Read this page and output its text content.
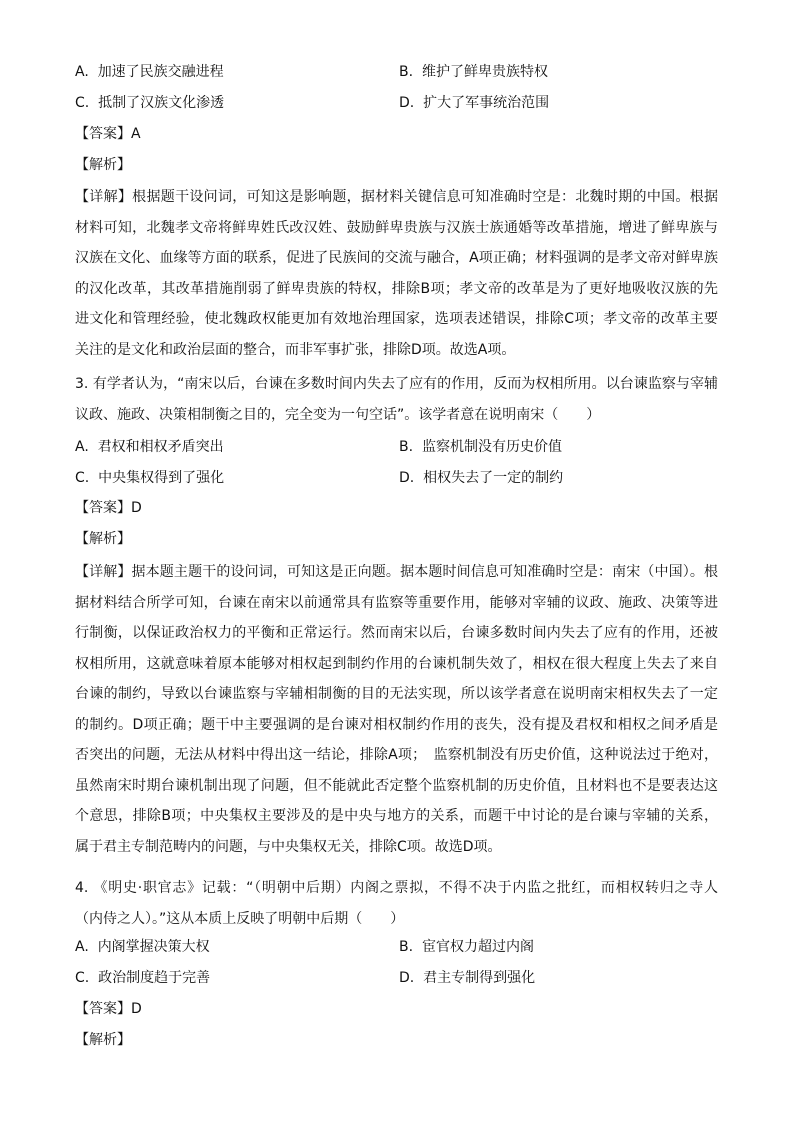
A. 加速了民族交融进程	B. 维护了鲜卑贵族特权
C. 抵制了汉族文化渗透	D. 扩大了军事统治范围
【答案】A
【解析】
【详解】根据题干设问词，可知这是影响题，据材料关键信息可知准确时空是：北魏时期的中国。根据
材料可知，北魏孝文帝将鲜卑姓氏改汉姓、鼓励鲜卑贵族与汉族士族通婚等改革措施，增进了鲜卑族与
汉族在文化、血缘等方面的联系，促进了民族间的交流与融合，A项正确；材料强调的是孝文帝对鲜卑族
的汉化改革，其改革措施削弱了鲜卑贵族的特权，排除B项；孝文帝的改革是为了更好地吸收汉族的先
进文化和管理经验，使北魏政权能更加有效地治理国家，选项表述错误，排除C项；孝文帝的改革主要
关注的是文化和政治层面的整合，而非军事扩张，排除D项。故选A项。
3. 有学者认为，“南宋以后，台谏在多数时间内失去了应有的作用，反而为权相所用。以台谏监察与宰辅
议政、施政、决策相制衡之目的，完全变为一句空话”。该学者意在说明南宋（　　）
A. 君权和相权矛盾突出	B. 监察机制没有历史价值
C. 中央集权得到了强化	D. 相权失去了一定的制约
【答案】D
【解析】
【详解】据本题主题干的设问词，可知这是正向题。据本题时间信息可知准确时空是：南宋（中国）。根
据材料结合所学可知，台谏在南宋以前通常具有监察等重要作用，能够对宰辅的议政、施政、决策等进
行制衡，以保证政治权力的平衡和正常运行。然而南宋以后，台谏多数时间内失去了应有的作用，还被
权相所用，这就意味着原本能够对相权起到制约作用的台谏机制失效了，相权在很大程度上失去了来自
台谏的制约，导致以台谏监察与宰辅相制衡的目的无法实现，所以该学者意在说明南宋相权失去了一定
的制约。D项正确；题干中主要强调的是台谏对相权制约作用的丧失，没有提及君权和相权之间矛盾是
否突出的问题，无法从材料中得出这一结论，排除A项；　监察机制没有历史价值，这种说法过于绝对，
虽然南宋时期台谏机制出现了问题，但不能就此否定整个监察机制的历史价值，且材料也不是要表达这
个意思，排除B项；中央集权主要涉及的是中央与地方的关系，而题干中讨论的是台谏与宰辅的关系，
属于君主专制范畴内的问题，与中央集权无关，排除C项。故选D项。
4. 《明史·职官志》记载：“（明朝中后期）内阁之票拟，不得不决于内监之批红，而相权转归之寺人
（内侍之人）。”这从本质上反映了明朝中后期（　　）
A. 内阁掌握决策大权	B. 宦官权力超过内阁
C. 政治制度趋于完善	D. 君主专制得到强化
【答案】D
【解析】
